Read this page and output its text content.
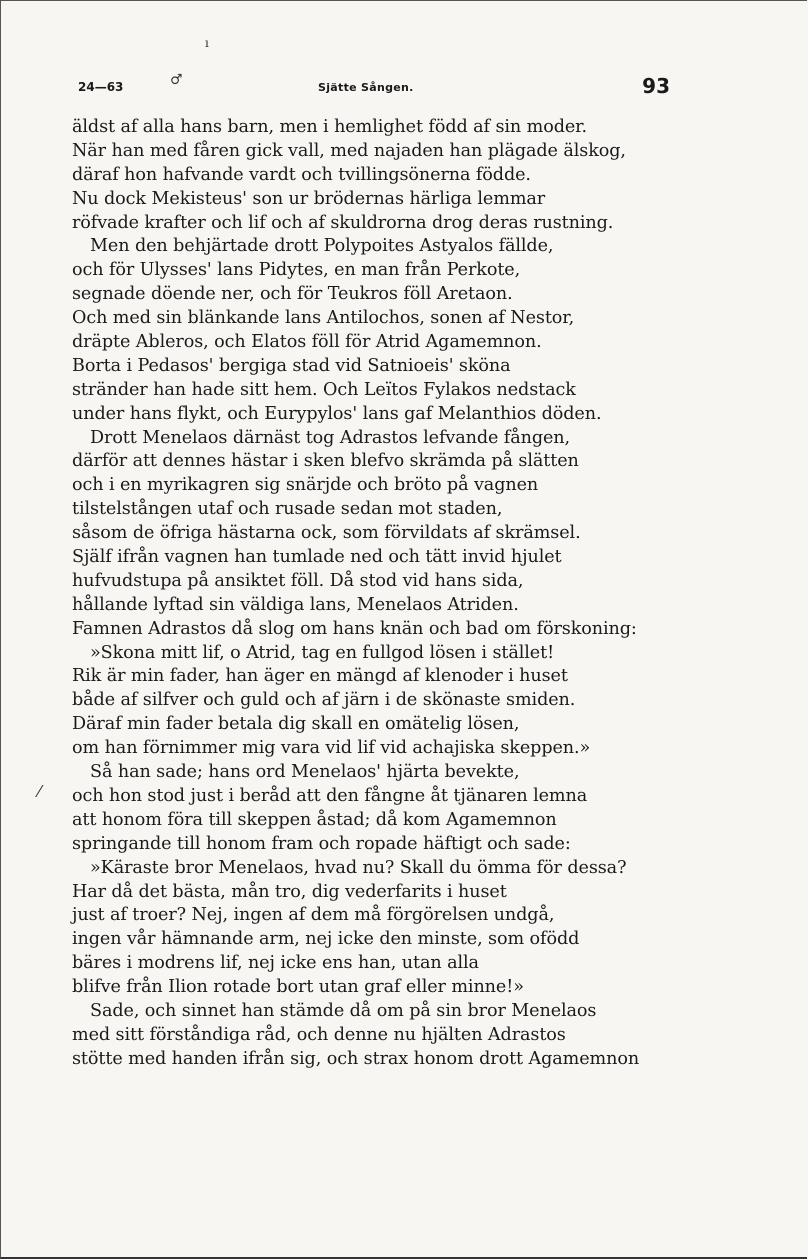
ı
♂
⁄
24—63	Sjätte Sången.	93
äldst af alla hans barn, men i hemlighet född af sin moder.
När han med fåren gick vall, med najaden han plägade älskog,
däraf hon hafvande vardt och tvillingsönerna födde.
Nu dock Mekisteus' son ur brödernas härliga lemmar
röfvade krafter och lif och af skuldrorna drog deras rustning.
Men den behjärtade drott Polypoites Astyalos fällde,
och för Ulysses' lans Pidytes, en man från Perkote,
segnade döende ner, och för Teukros föll Aretaon.
Och med sin blänkande lans Antilochos, sonen af Nestor,
dräpte Ableros, och Elatos föll för Atrid Agamemnon.
Borta i Pedasos' bergiga stad vid Satnioeis' sköna
stränder han hade sitt hem. Och Leïtos Fylakos nedstack
under hans flykt, och Eurypylos' lans gaf Melanthios döden.
Drott Menelaos därnäst tog Adrastos lefvande fången,
därför att dennes hästar i sken blefvo skrämda på slätten
och i en myrikagren sig snärjde och bröto på vagnen
tilstelstången utaf och rusade sedan mot staden,
såsom de öfriga hästarna ock, som förvildats af skrämsel.
Själf ifrån vagnen han tumlade ned och tätt invid hjulet
hufvudstupa på ansiktet föll. Då stod vid hans sida,
hållande lyftad sin väldiga lans, Menelaos Atriden.
Famnen Adrastos då slog om hans knän och bad om förskoning:
»Skona mitt lif, o Atrid, tag en fullgod lösen i stället!
Rik är min fader, han äger en mängd af klenoder i huset
både af silfver och guld och af järn i de skönaste smiden.
Däraf min fader betala dig skall en omätelig lösen,
om han förnimmer mig vara vid lif vid achajiska skeppen.»
Så han sade; hans ord Menelaos' hjärta bevekte,
och hon stod just i beråd att den fångne åt tjänaren lemna
att honom föra till skeppen åstad; då kom Agamemnon
springande till honom fram och ropade häftigt och sade:
»Käraste bror Menelaos, hvad nu? Skall du ömma för dessa?
Har då det bästa, mån tro, dig vederfarits i huset
just af troer? Nej, ingen af dem må förgörelsen undgå,
ingen vår hämnande arm, nej icke den minste, som ofödd
bäres i modrens lif, nej icke ens han, utan alla
blifve från Ilion rotade bort utan graf eller minne!»
Sade, och sinnet han stämde då om på sin bror Menelaos
med sitt förståndiga råd, och denne nu hjälten Adrastos
stötte med handen ifrån sig, och strax honom drott Agamemnon
